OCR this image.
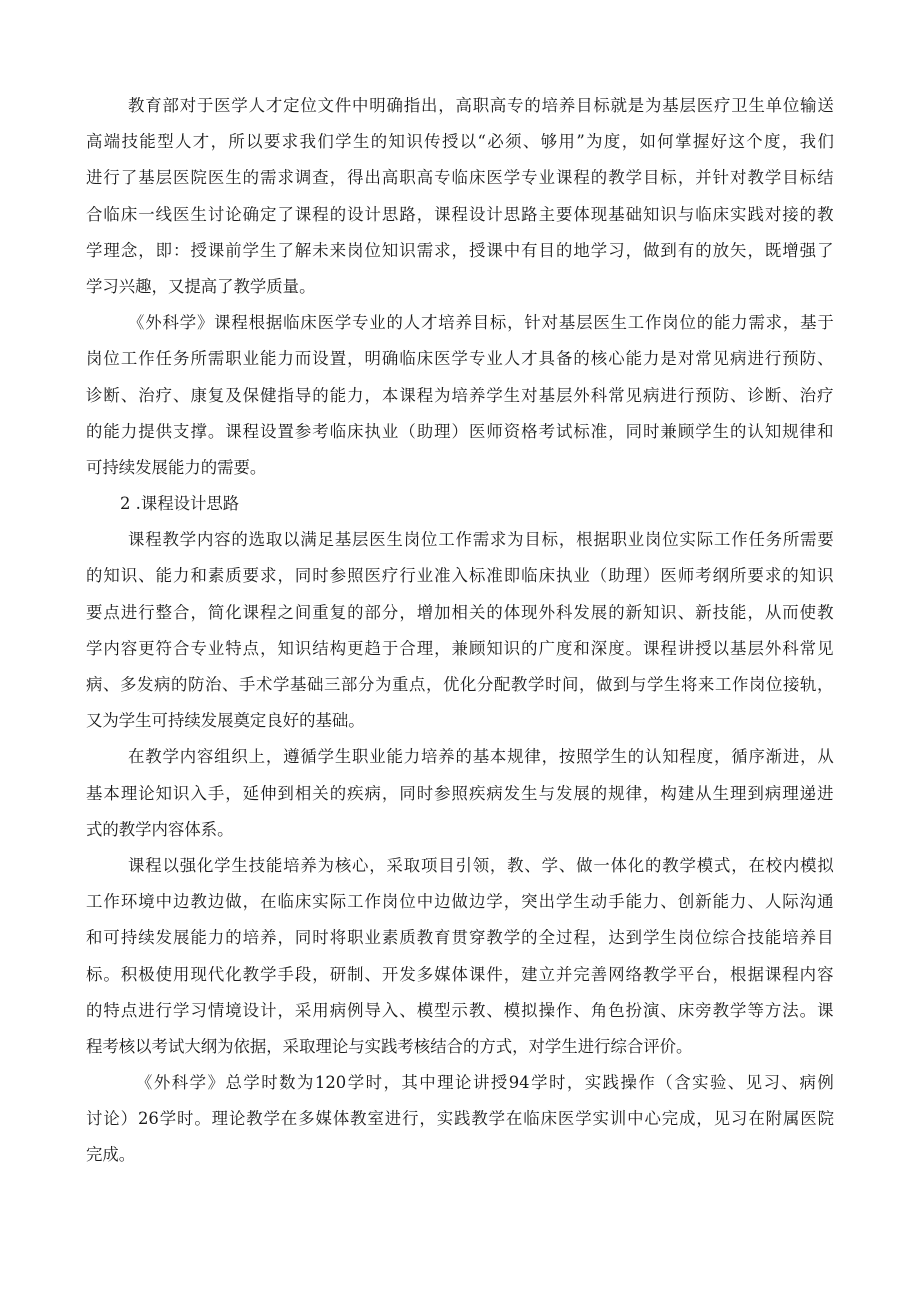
教 育 部 对 于 医 学 人 才 定 位 文 件 中 明 确 指 出 ， 高 职 高 专 的 培 养 目 标 就 是 为 基 层 医 疗 卫 生 单 位 输 送
高 端 技 能 型 人 才 ， 所 以 要 求 我 们 学 生 的 知 识 传 授 以 “ 必 须 、 够 用 ” 为 度 ， 如 何 掌 握 好 这 个 度 ， 我 们
进 行 了 基 层 医 院 医 生 的 需 求 调 查 ， 得 出 高 职 高 专 临 床 医 学 专 业 课 程 的 教 学 目 标 ， 并 针 对 教 学 目 标 结
合 临 床 一 线 医 生 讨 论 确 定 了 课 程 的 设 计 思 路 ， 课 程 设 计 思 路 主 要 体 现 基 础 知 识 与 临 床 实 践 对 接 的 教
学 理 念 ， 即 ： 授 课 前 学 生 了 解 未 来 岗 位 知 识 需 求 ， 授 课 中 有 目 的 地 学 习 ， 做 到 有 的 放 矢 ， 既 增 强 了
学习兴趣，又提高了教学质量。
《 外 科 学 》 课 程 根 据 临 床 医 学 专 业 的 人 才 培 养 目 标 ， 针 对 基 层 医 生 工 作 岗 位 的 能 力 需 求 ， 基 于
岗 位 工 作 任 务 所 需 职 业 能 力 而 设 置 ， 明 确 临 床 医 学 专 业 人 才 具 备 的 核 心 能 力 是 对 常 见 病 进 行 预 防 、
诊 断 、 治 疗 、 康 复 及 保 健 指 导 的 能 力 ， 本 课 程 为 培 养 学 生 对 基 层 外 科 常 见 病 进 行 预 防 、 诊 断 、 治 疗
的 能 力 提 供 支 撑 。 课 程 设 置 参 考 临 床 执 业 （ 助 理 ） 医 师 资 格 考 试 标 准 ， 同 时 兼 顾 学 生 的 认 知 规 律 和
可持续发展能力的需要。
2 .课程设计思路
课 程 教 学 内 容 的 选 取 以 满 足 基 层 医 生 岗 位 工 作 需 求 为 目 标 ， 根 据 职 业 岗 位 实 际 工 作 任 务 所 需 要
的 知 识 、 能 力 和 素 质 要 求 ， 同 时 参 照 医 疗 行 业 准 入 标 准 即 临 床 执 业 （ 助 理 ） 医 师 考 纲 所 要 求 的 知 识
要 点 进 行 整 合 ， 简 化 课 程 之 间 重 复 的 部 分 ， 增 加 相 关 的 体 现 外 科 发 展 的 新 知 识 、 新 技 能 ， 从 而 使 教
学 内 容 更 符 合 专 业 特 点 ， 知 识 结 构 更 趋 于 合 理 ， 兼 顾 知 识 的 广 度 和 深 度 。 课 程 讲 授 以 基 层 外 科 常 见
病 、 多 发 病 的 防 治 、 手 术 学 基 础 三 部 分 为 重 点 ， 优 化 分 配 教 学 时 间 ， 做 到 与 学 生 将 来 工 作 岗 位 接 轨 ，
又为学生可持续发展奠定良好的基础。
在 教 学 内 容 组 织 上 ， 遵 循 学 生 职 业 能 力 培 养 的 基 本 规 律 ， 按 照 学 生 的 认 知 程 度 ， 循 序 渐 进 ， 从
基 本 理 论 知 识 入 手 ， 延 伸 到 相 关 的 疾 病 ， 同 时 参 照 疾 病 发 生 与 发 展 的 规 律 ， 构 建 从 生 理 到 病 理 递 进
式的教学内容体系。
课 程 以 强 化 学 生 技 能 培 养 为 核 心 ， 采 取 项 目 引 领 ， 教 、 学 、 做 一 体 化 的 教 学 模 式 ， 在 校 内 模 拟
工 作 环 境 中 边 教 边 做 ， 在 临 床 实 际 工 作 岗 位 中 边 做 边 学 ， 突 出 学 生 动 手 能 力 、 创 新 能 力 、 人 际 沟 通
和 可 持 续 发 展 能 力 的 培 养 ， 同 时 将 职 业 素 质 教 育 贯 穿 教 学 的 全 过 程 ， 达 到 学 生 岗 位 综 合 技 能 培 养 目
标 。 积 极 使 用 现 代 化 教 学 手 段 ， 研 制 、 开 发 多 媒 体 课 件 ， 建 立 并 完 善 网 络 教 学 平 台 ， 根 据 课 程 内 容
的 特 点 进 行 学 习 情 境 设 计 ， 采 用 病 例 导 入 、 模 型 示 教 、 模 拟 操 作 、 角 色 扮 演 、 床 旁 教 学 等 方 法 。 课
程考核以考试大纲为依据，采取理论与实践考核结合的方式，对学生进行综合评价。
《 外 科 学 》 总 学 时 数 为 120 学 时 ， 其 中 理 论 讲 授 94 学 时 ， 实 践 操 作 （ 含 实 验 、 见 习 、 病 例
讨 论 ） 26 学 时 。 理 论 教 学 在 多 媒 体 教 室 进 行 ， 实 践 教 学 在 临 床 医 学 实 训 中 心 完 成 ， 见 习 在 附 属 医 院
完成。
